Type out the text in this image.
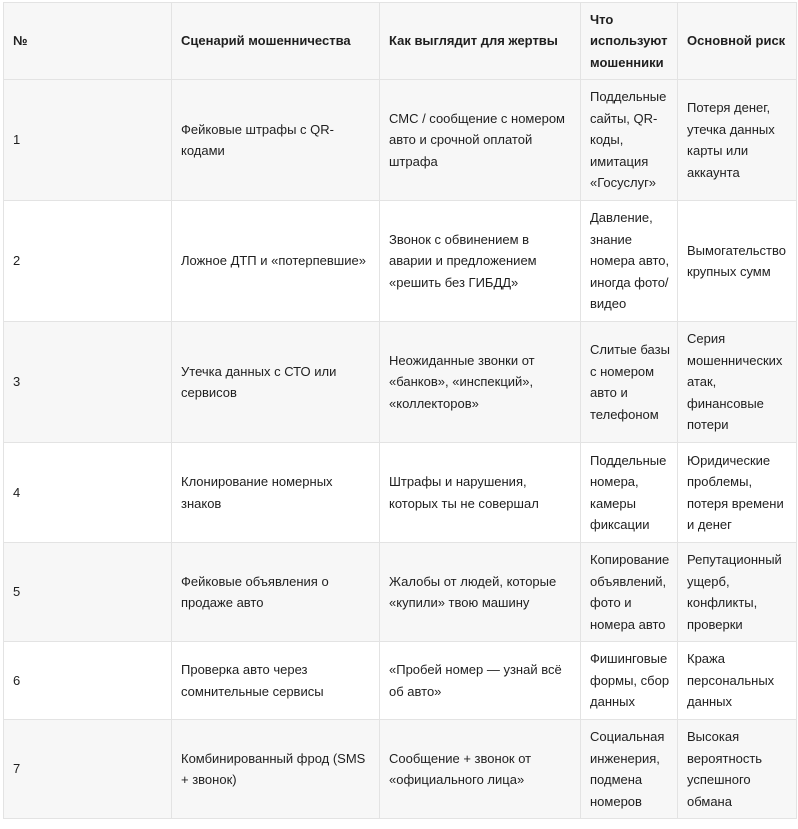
№	Сценарий мошенничества	Как выглядит для жертвы	Что используют мошенники	Основной риск
1	Фейковые штрафы с QR-кодами	СМС / сообщение с номером авто и срочной оплатой штрафа	Поддельные сайты, QR-коды, имитация «Госуслуг»	Потеря денег, утечка данных карты или аккаунта
2	Ложное ДТП и «потерпевшие»	Звонок с обвинением в аварии и предложением «решить без ГИБДД»	Давление, знание номера авто, иногда фото/видео	Вымогательство крупных сумм
3	Утечка данных с СТО или сервисов	Неожиданные звонки от «банков», «инспекций», «коллекторов»	Слитые базы с номером авто и телефоном	Серия мошеннических атак, финансовые потери
4	Клонирование номерных знаков	Штрафы и нарушения, которых ты не совершал	Поддельные номера, камеры фиксации	Юридические проблемы, потеря времени и денег
5	Фейковые объявления о продаже авто	Жалобы от людей, которые «купили» твою машину	Копирование объявлений, фото и номера авто	Репутационный ущерб, конфликты, проверки
6	Проверка авто через сомнительные сервисы	«Пробей номер — узнай всё об авто»	Фишинговые формы, сбор данных	Кража персональных данных
7	Комбинированный фрод (SMS + звонок)	Сообщение + звонок от «официального лица»	Социальная инженерия, подмена номеров	Высокая вероятность успешного обмана
